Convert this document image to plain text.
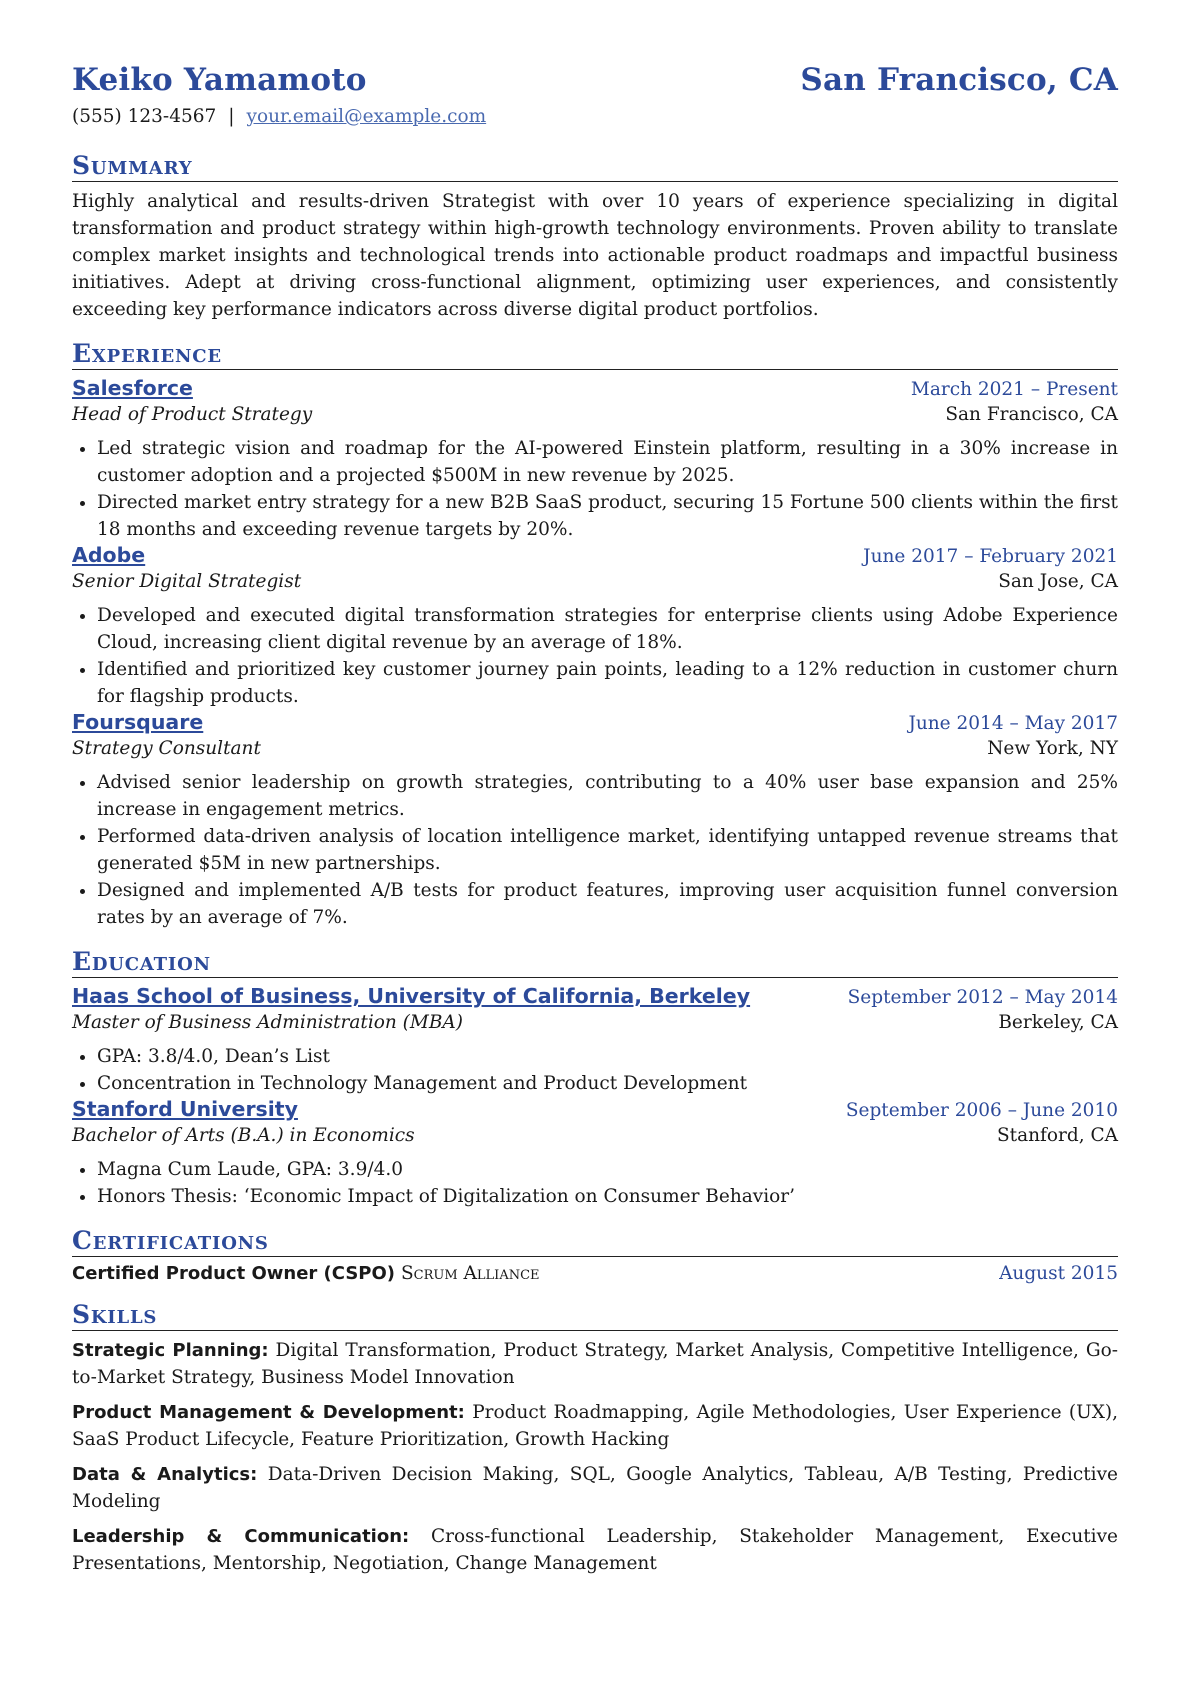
Keiko Yamamoto	San Francisco, CA
(555) 123-4567 | your.email@example.com
Summary
Highly analytical and results-driven Strategist with over 10 years of experience specializing in digital transformation and product strategy within high-growth technology environments. Proven ability to translate complex market insights and technological trends into actionable product roadmaps and impactful business initiatives. Adept at driving cross-functional alignment, optimizing user experiences, and consistently exceeding key performance indicators across diverse digital product portfolios.
Experience
Salesforce	March 2021 – Present
Head of Product Strategy	San Francisco, CA
• Led strategic vision and roadmap for the AI-powered Einstein platform, resulting in a 30% increase in customer adoption and a projected $500M in new revenue by 2025.
• Directed market entry strategy for a new B2B SaaS product, securing 15 Fortune 500 clients within the first 18 months and exceeding revenue targets by 20%.
Adobe	June 2017 – February 2021
Senior Digital Strategist	San Jose, CA
• Developed and executed digital transformation strategies for enterprise clients using Adobe Experience Cloud, increasing client digital revenue by an average of 18%.
• Identified and prioritized key customer journey pain points, leading to a 12% reduction in customer churn for flagship products.
Foursquare	June 2014 – May 2017
Strategy Consultant	New York, NY
• Advised senior leadership on growth strategies, contributing to a 40% user base expansion and 25% increase in engagement metrics.
• Performed data-driven analysis of location intelligence market, identifying untapped revenue streams that generated $5M in new partnerships.
• Designed and implemented A/B tests for product features, improving user acquisition funnel conversion rates by an average of 7%.
Education
Haas School of Business, University of California, Berkeley	September 2012 – May 2014
Master of Business Administration (MBA)	Berkeley, CA
• GPA: 3.8/4.0, Dean’s List
• Concentration in Technology Management and Product Development
Stanford University	September 2006 – June 2010
Bachelor of Arts (B.A.) in Economics	Stanford, CA
• Magna Cum Laude, GPA: 3.9/4.0
• Honors Thesis: ‘Economic Impact of Digitalization on Consumer Behavior’
Certifications
Certified Product Owner (CSPO) Scrum Alliance	August 2015
Skills
Strategic Planning: Digital Transformation, Product Strategy, Market Analysis, Competitive Intelligence, Go-to-Market Strategy, Business Model Innovation
Product Management & Development: Product Roadmapping, Agile Methodologies, User Experience (UX), SaaS Product Lifecycle, Feature Prioritization, Growth Hacking
Data & Analytics: Data-Driven Decision Making, SQL, Google Analytics, Tableau, A/B Testing, Predictive Modeling
Leadership & Communication: Cross-functional Leadership, Stakeholder Management, Executive Presentations, Mentorship, Negotiation, Change Management
